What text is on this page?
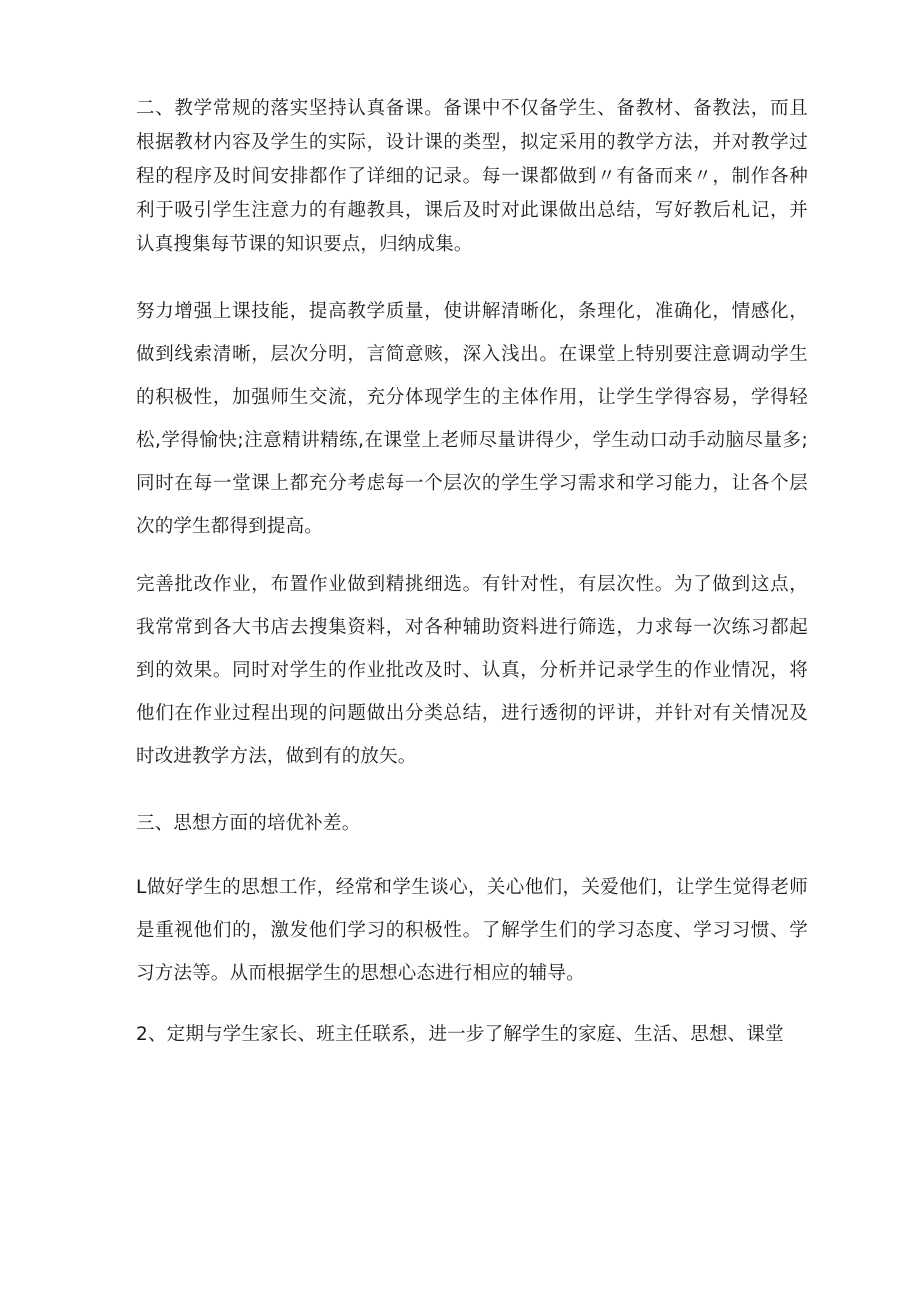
二、教学常规的落实坚持认真备课。备课中不仅备学生、备教材、备教法，而且根据教材内容及学生的实际，设计课的类型，拟定采用的教学方法，并对教学过程的程序及时间安排都作了详细的记录。每一课都做到〃有备而来〃，制作各种利于吸引学生注意力的有趣教具，课后及时对此课做出总结，写好教后札记，并认真搜集每节课的知识要点，归纳成集。

努力增强上课技能，提高教学质量，使讲解清晰化，条理化，准确化，情感化，做到线索清晰，层次分明，言简意赅，深入浅出。在课堂上特别要注意调动学生的积极性，加强师生交流，充分体现学生的主体作用，让学生学得容易，学得轻松,学得愉快;注意精讲精练,在课堂上老师尽量讲得少，学生动口动手动脑尽量多;同时在每一堂课上都充分考虑每一个层次的学生学习需求和学习能力，让各个层次的学生都得到提高。

完善批改作业，布置作业做到精挑细选。有针对性，有层次性。为了做到这点，我常常到各大书店去搜集资料，对各种辅助资料进行筛选，力求每一次练习都起到的效果。同时对学生的作业批改及时、认真，分析并记录学生的作业情况，将他们在作业过程出现的问题做出分类总结，进行透彻的评讲，并针对有关情况及时改进教学方法，做到有的放矢。

三、思想方面的培优补差。

L做好学生的思想工作，经常和学生谈心，关心他们，关爱他们，让学生觉得老师是重视他们的，激发他们学习的积极性。了解学生们的学习态度、学习习惯、学习方法等。从而根据学生的思想心态进行相应的辅导。

2、定期与学生家长、班主任联系，进一步了解学生的家庭、生活、思想、课堂
